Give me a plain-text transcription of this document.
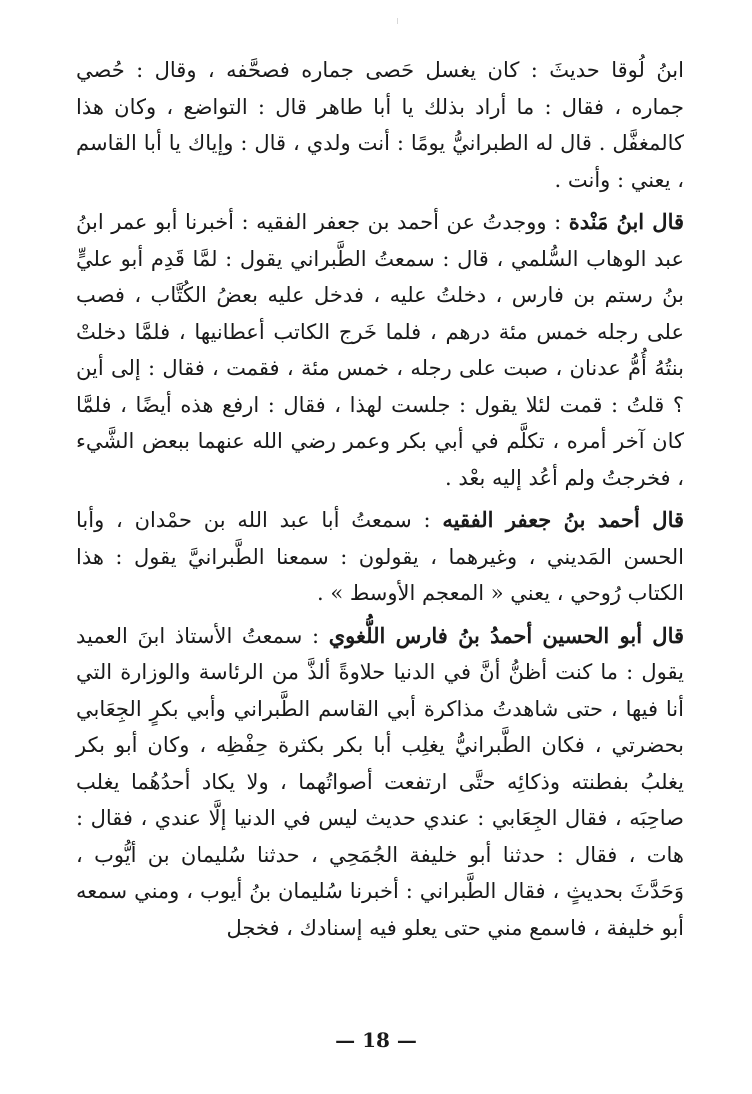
ابنُ لُوقا حديثَ : كان يغسل حَصى جماره فصحَّفه ، وقال : حُصي جماره ، فقال : ما أراد بذلك يا أبا طاهر قال : التواضع ، وكان هذا كالمغفَّل . قال له الطبرانيُّ يومًا : أنت ولدي ، قال : وإياك يا أبا القاسم ، يعني : وأنت .

قال ابنُ مَنْدة : ووجدتُ عن أحمد بن جعفر الفقيه : أخبرنا أبو عمر ابنُ عبد الوهاب السُّلمي ، قال : سمعتُ الطَّبراني يقول : لمَّا قَدِم أبو عليٍّ بنُ رستم بن فارس ، دخلتُ عليه ، فدخل عليه بعضُ الكُتَّاب ، فصب على رجله خمس مئة درهم ، فلما خَرج الكاتب أعطانيها ، فلمَّا دخلتْ بنتُهُ أُمُّ عدنان ، صبت على رجله ، خمس مئة ، فقمت ، فقال : إلى أين ؟ قلتُ : قمت لئلا يقول : جلست لهذا ، فقال : ارفع هذه أيضًا ، فلمَّا كان آخر أمره ، تكلَّم في أبي بكر وعمر رضي الله عنهما ببعض الشَّيء ، فخرجتُ ولم أعُد إليه بعْد .

قال أحمد بنُ جعفر الفقيه : سمعتُ أبا عبد الله بن حمْدان ، وأبا الحسن المَديني ، وغيرهما ، يقولون : سمعنا الطَّبرانيَّ يقول : هذا الكتاب رُوحي ، يعني « المعجم الأوسط » .

قال أبو الحسين أحمدُ بنُ فارس اللُّغوي : سمعتُ الأستاذ ابنَ العميد يقول : ما كنت أظنُّ أنَّ في الدنيا حلاوةً ألذَّ من الرئاسة والوزارة التي أنا فيها ، حتى شاهدتُ مذاكرة أبي القاسم الطَّبراني وأبي بكرٍ الجِعَابي بحضرتي ، فكان الطَّبرانيُّ يغلِب أبا بكر بكثرة حِفْظِه ، وكان أبو بكر يغلبُ بفطنته وذكائِه حتَّى ارتفعت أصواتُهما ، ولا يكاد أحدُهُما يغلب صاحِبَه ، فقال الجِعَابي : عندي حديث ليس في الدنيا إلَّا عندي ، فقال : هات ، فقال : حدثنا أبو خليفة الجُمَحِي ، حدثنا سُليمان بن أيُّوب ، وَحَدَّثَ بحديثٍ ، فقال الطَّبراني : أخبرنا سُليمان بنُ أيوب ، ومني سمعه أبو خليفة ، فاسمع مني حتى يعلو فيه إسنادك ، فخجل

— 18 —
